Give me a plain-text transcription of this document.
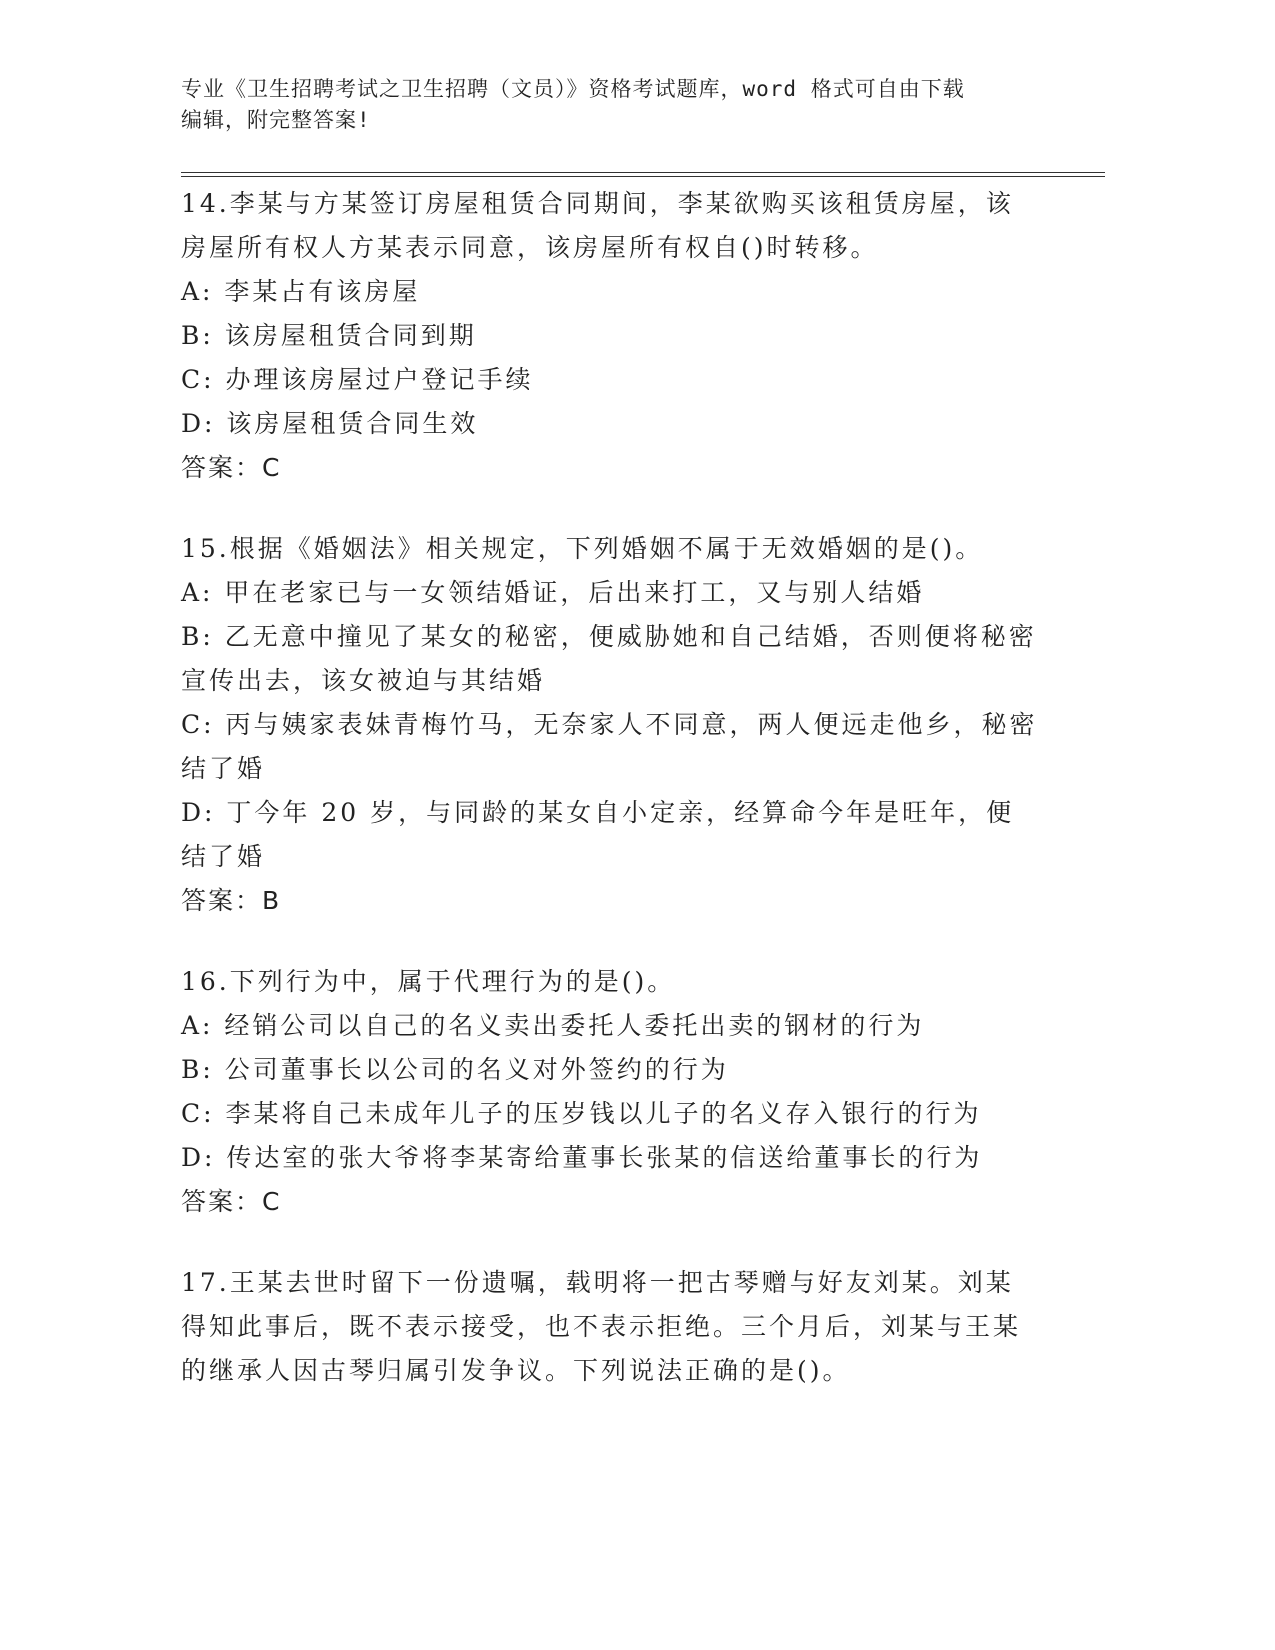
专业《卫生招聘考试之卫生招聘（文员）》资格考试题库，word 格式可自由下载
编辑，附完整答案!
14.李某与方某签订房屋租赁合同期间，李某欲购买该租赁房屋，该房屋所有权人方某表示同意，该房屋所有权自()时转移。
A: 李某占有该房屋
B: 该房屋租赁合同到期
C: 办理该房屋过户登记手续
D: 该房屋租赁合同生效
答案：C
15.根据《婚姻法》相关规定，下列婚姻不属于无效婚姻的是()。
A: 甲在老家已与一女领结婚证，后出来打工，又与别人结婚
B: 乙无意中撞见了某女的秘密，便威胁她和自己结婚，否则便将秘密宣传出去，该女被迫与其结婚
C: 丙与姨家表妹青梅竹马，无奈家人不同意，两人便远走他乡，秘密结了婚
D: 丁今年 20 岁，与同龄的某女自小定亲，经算命今年是旺年，便结了婚
答案：B
16.下列行为中，属于代理行为的是()。
A: 经销公司以自己的名义卖出委托人委托出卖的钢材的行为
B: 公司董事长以公司的名义对外签约的行为
C: 李某将自己未成年儿子的压岁钱以儿子的名义存入银行的行为
D: 传达室的张大爷将李某寄给董事长张某的信送给董事长的行为
答案：C
17.王某去世时留下一份遗嘱，载明将一把古琴赠与好友刘某。刘某得知此事后，既不表示接受，也不表示拒绝。三个月后，刘某与王某的继承人因古琴归属引发争议。下列说法正确的是()。
